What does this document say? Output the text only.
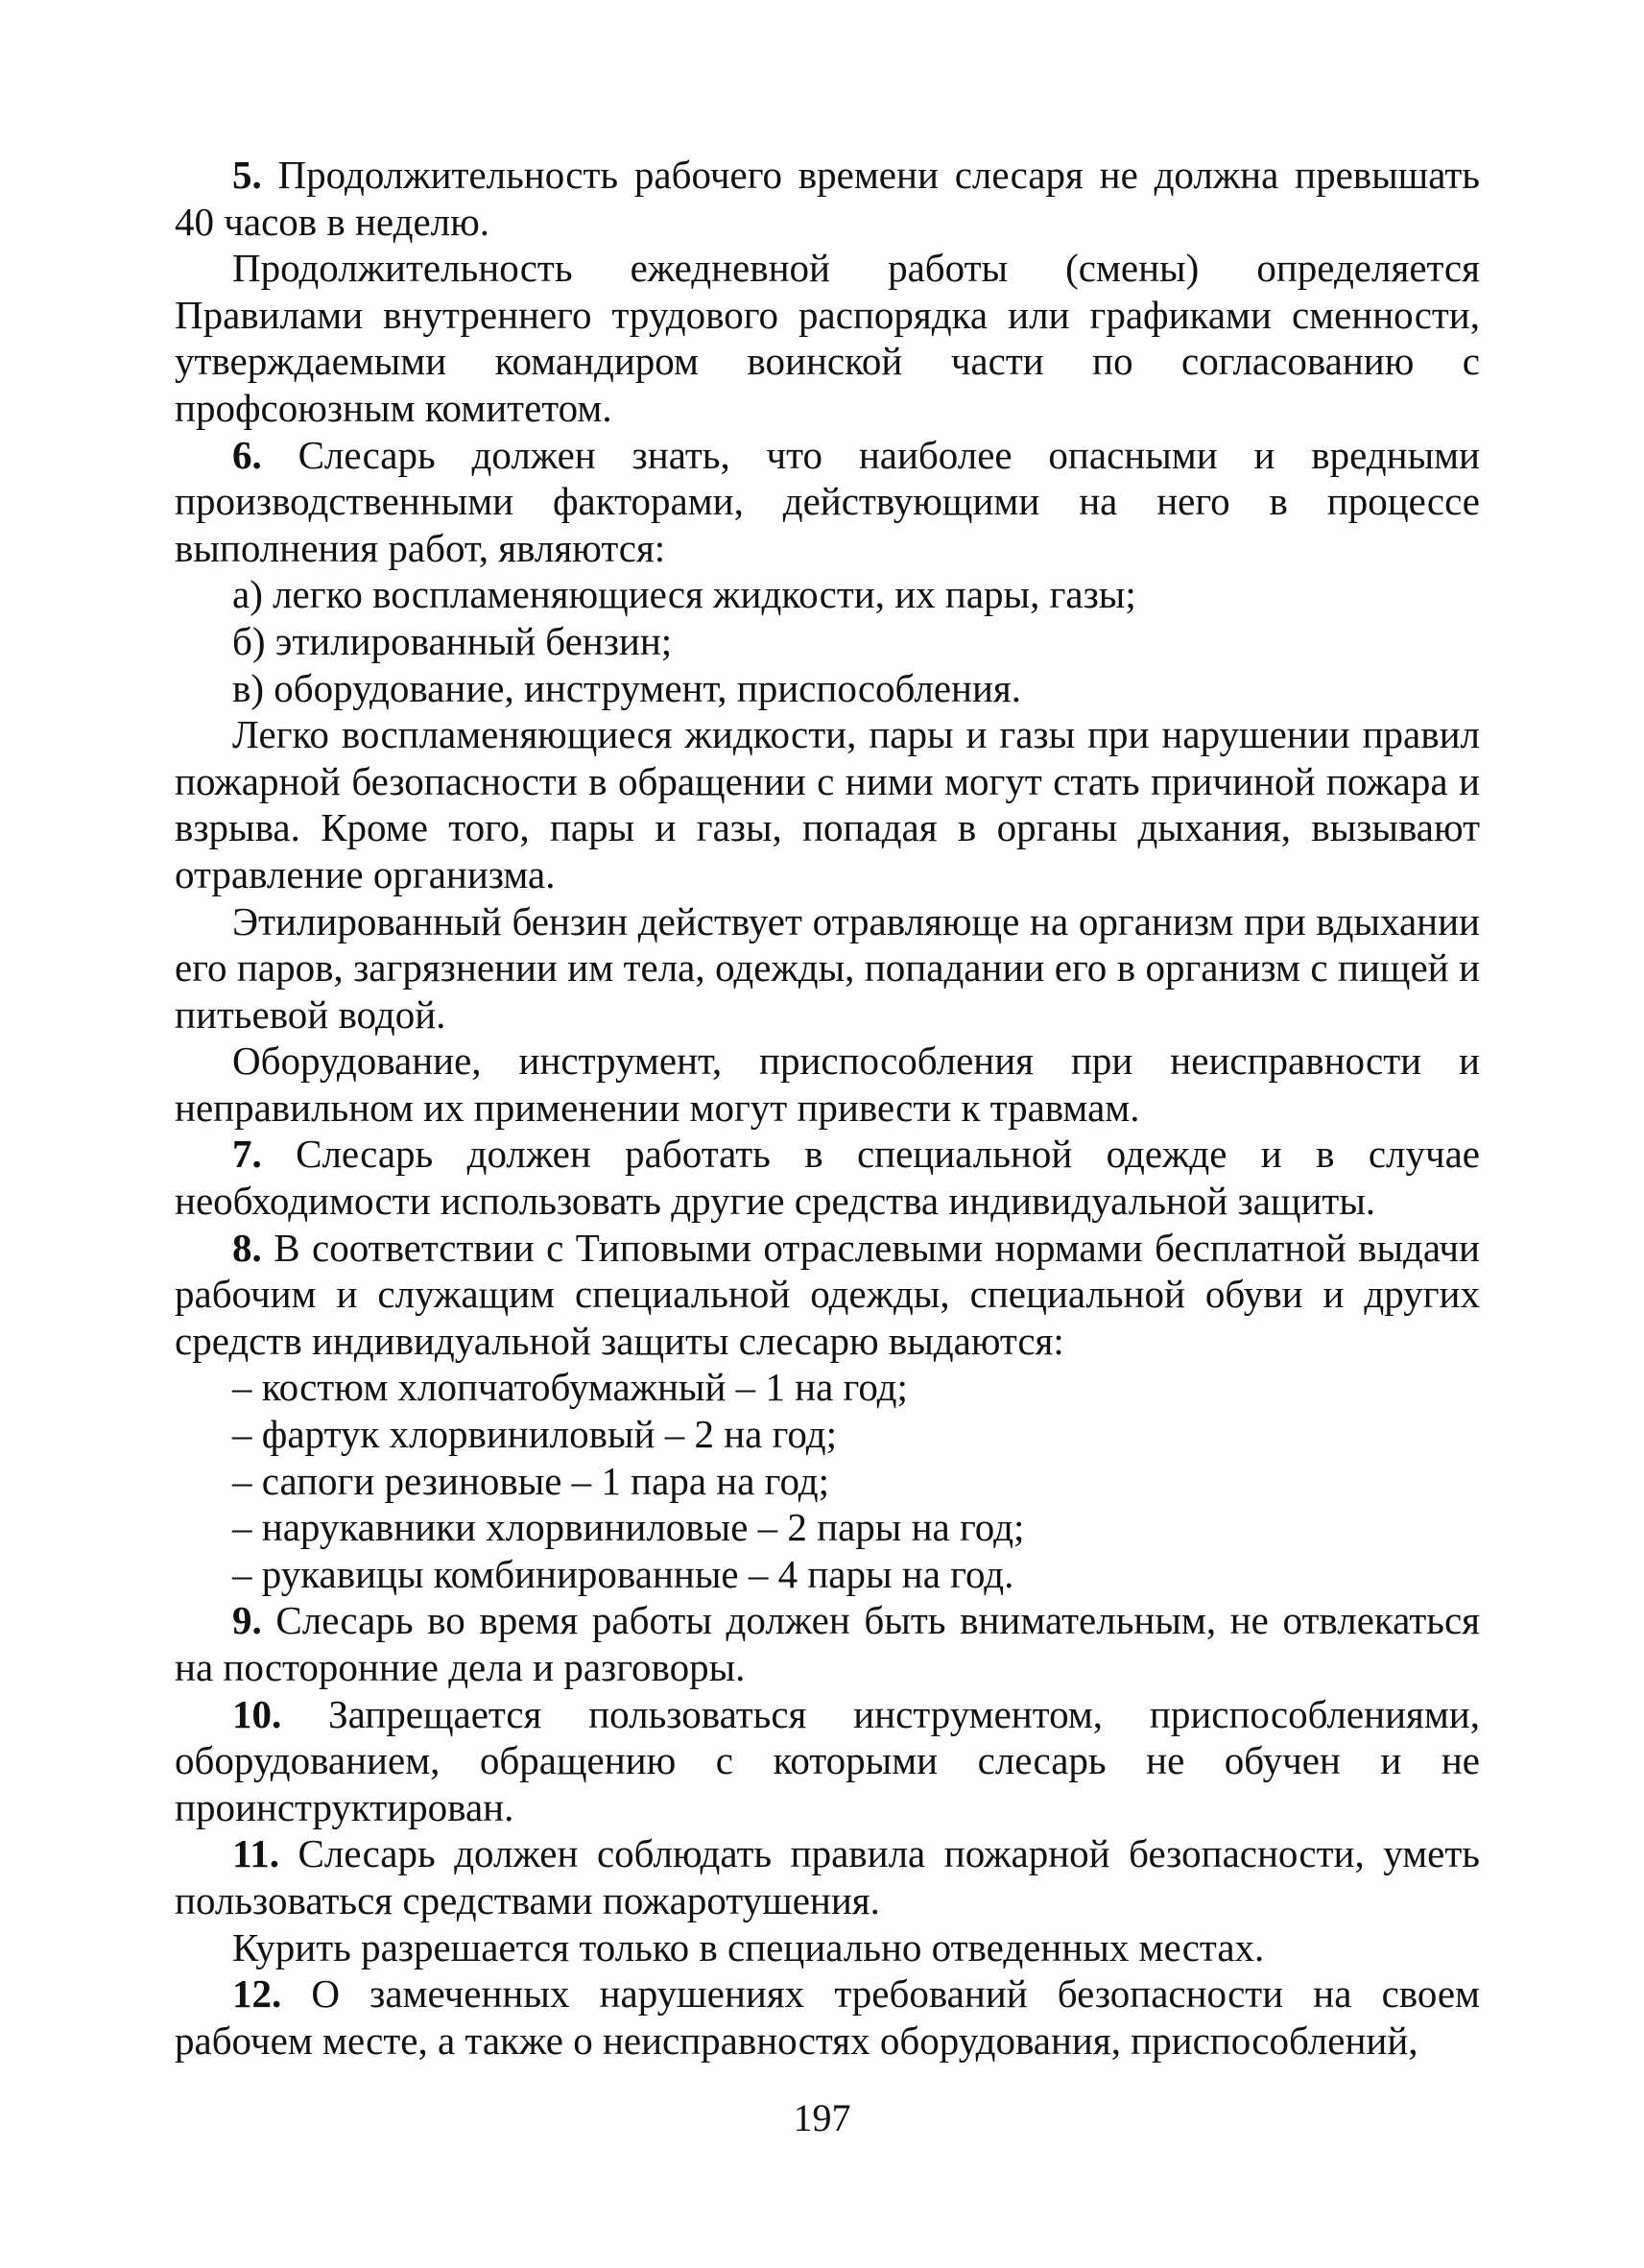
5. Продолжительность рабочего времени слесаря не должна превышать 40 часов в неделю.

Продолжительность ежедневной работы (смены) определяется Правилами внутреннего трудового распорядка или графиками сменности, утверждаемыми командиром воинской части по согласованию с профсоюзным комитетом.

6. Слесарь должен знать, что наиболее опасными и вредными производственными факторами, действующими на него в процессе выполнения работ, являются:

а) легко воспламеняющиеся жидкости, их пары, газы;

б) этилированный бензин;

в) оборудование, инструмент, приспособления.

Легко воспламеняющиеся жидкости, пары и газы при нарушении правил пожарной безопасности в обращении с ними могут стать причиной пожара и взрыва. Кроме того, пары и газы, попадая в органы дыхания, вызывают отравление организма.

Этилированный бензин действует отравляюще на организм при вдыхании его паров, загрязнении им тела, одежды, попадании его в организм с пищей и питьевой водой.

Оборудование, инструмент, приспособления при неисправности и неправильном их применении могут привести к травмам.

7. Слесарь должен работать в специальной одежде и в случае необходимости использовать другие средства индивидуальной защиты.

8. В соответствии с Типовыми отраслевыми нормами бесплатной выдачи рабочим и служащим специальной одежды, специальной обуви и других средств индивидуальной защиты слесарю выдаются:

– костюм хлопчатобумажный – 1 на год;

– фартук хлорвиниловый – 2 на год;

– сапоги резиновые – 1 пара на год;

– нарукавники хлорвиниловые – 2 пары на год;

– рукавицы комбинированные – 4 пары на год.

9. Слесарь во время работы должен быть внимательным, не отвлекаться на посторонние дела и разговоры.

10. Запрещается пользоваться инструментом, приспособлениями, оборудованием, обращению с которыми слесарь не обучен и не проинструктирован.

11. Слесарь должен соблюдать правила пожарной безопасности, уметь пользоваться средствами пожаротушения.

Курить разрешается только в специально отведенных местах.

12. О замеченных нарушениях требований безопасности на своем рабочем месте, а также о неисправностях оборудования, приспособлений,

197
